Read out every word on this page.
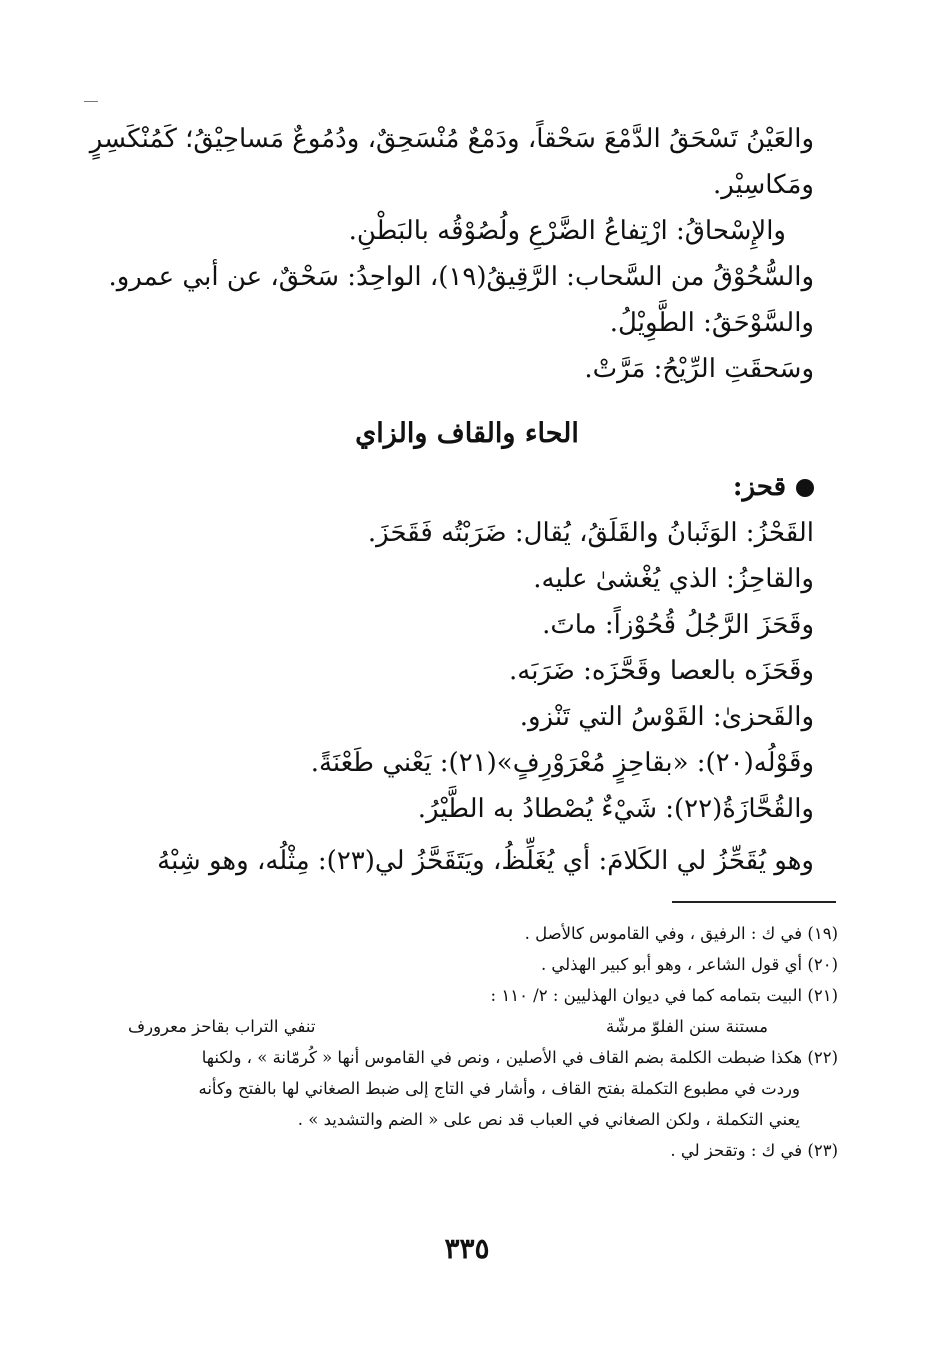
والعَيْنُ تَسْحَقُ الدَّمْعَ سَحْقاً، ودَمْعٌ مُنْسَحِقٌ، ودُمُوعٌ مَساحِيْقُ؛ كَمُنْكَسِرٍ

ومَكاسِيْر.

والإِسْحاقُ: ارْتِفاعُ الضَّرْعِ ولُصُوْقُه بالبَطْنِ.

والسُّحُوْقُ من السَّحاب: الرَّقِيقُ(١٩)، الواحِدُ: سَحْقٌ، عن أبي عمرو.

والسَّوْحَقُ: الطَّوِيْلُ.

وسَحقَتِ الرِّيْحُ: مَرَّتْ.

الحاء والقاف والزاي

قحز:

القَحْزُ: الوَثَبانُ والقَلَقُ، يُقال: ضَرَبْتُه فَقَحَزَ.

والقاحِزُ: الذي يُغْشىٰ عليه.

وقَحَزَ الرَّجُلُ قُحُوْزاً: ماتَ.

وقَحَزَه بالعصا وقَحَّزَه: ضَرَبَه.

والقَحزىٰ: القَوْسُ التي تَنْزو.

وقَوْلُه(٢٠): «بقاحِزٍ مُعْرَوْرِفٍ»(٢١): يَعْني طَعْنَةً.

والقُحَّازَةُ(٢٢): شَيْءٌ يُصْطادُ به الطَّيْرُ.

وهو يُقَحِّزُ لي الكَلامَ: أي يُغَلِّظُ، ويَتَقَحَّزُ لي(٢٣): مِثْلُه، وهو شِبْهُ

(١٩) في ك : الرفيق ، وفي القاموس كالأصل .

(٢٠) أي قول الشاعر ، وهو أبو كبير الهذلي .

(٢١) البيت بتمامه كما في ديوان الهذليين : ٢/ ١١٠ :

مستنة سنن الفلوّ مرشّة
تنفي التراب بقاحز معرورف

(٢٢) هكذا ضبطت الكلمة بضم القاف في الأصلين ، ونص في القاموس أنها « كُرمّانة » ، ولكنها

وردت في مطبوع التكملة بفتح القاف ، وأشار في التاج إلى ضبط الصغاني لها بالفتح وكأنه

يعني التكملة ، ولكن الصغاني في العباب قد نص على « الضم والتشديد » .

(٢٣) في ك : وتقحز لي .

٣٣٥
